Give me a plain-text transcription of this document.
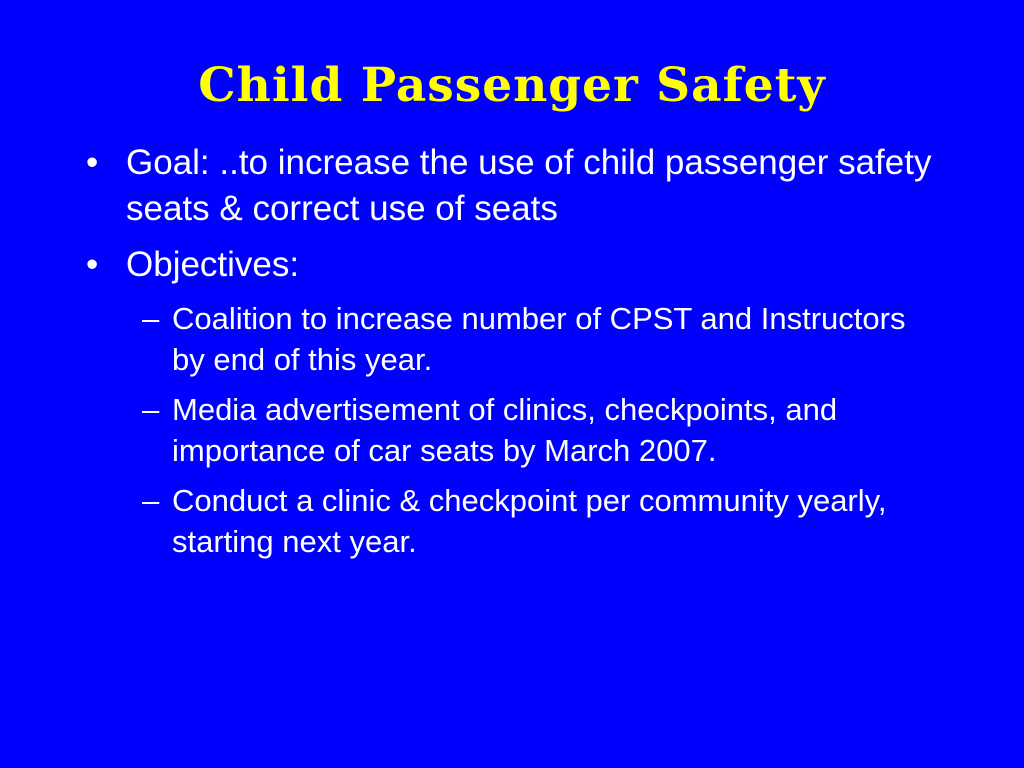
Child Passenger Safety
• Goal: ..to increase the use of child passenger safety seats & correct use of seats
• Objectives:
– Coalition to increase number of CPST and Instructors by end of this year.
– Media advertisement of clinics, checkpoints, and importance of car seats by March 2007.
– Conduct a clinic & checkpoint per community yearly, starting next year.
